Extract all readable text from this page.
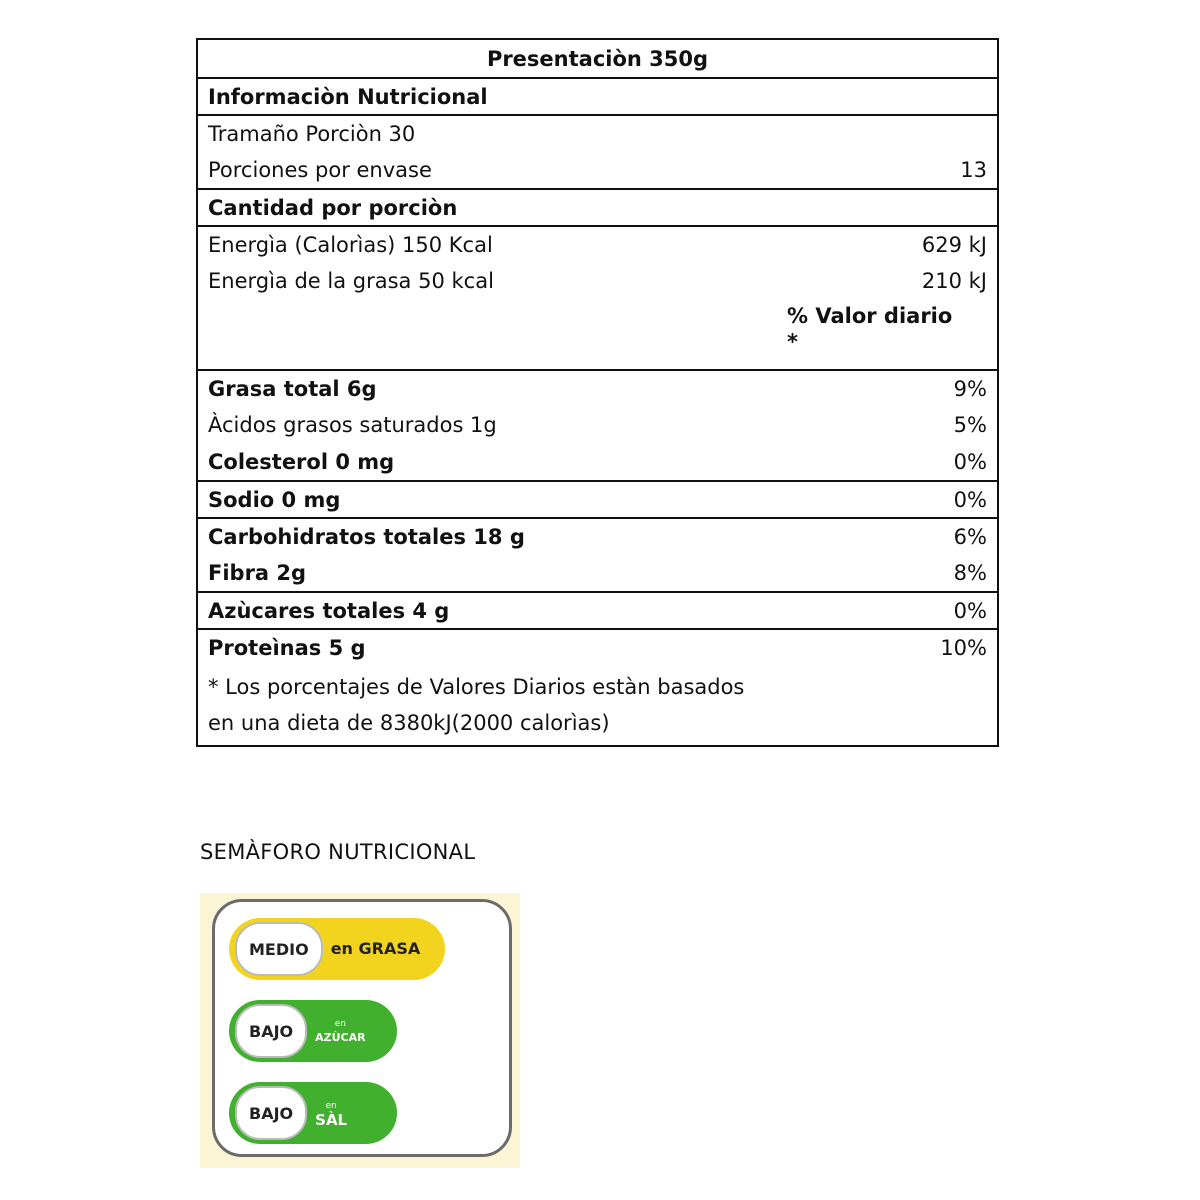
Presentaciòn 350g
Informaciòn Nutricional
Tramaño Porciòn 30
Porciones por envase	13
Cantidad por porciòn
Energìa (Calorìas) 150 Kcal	629 kJ
Energìa de la grasa 50 kcal	210 kJ
% Valor diario
*
Grasa total 6g	9%
Àcidos grasos saturados 1g	5%
Colesterol 0 mg	0%
Sodio 0 mg	0%
Carbohidratos totales 18 g	6%
Fibra 2g	8%
Azùcares totales 4 g	0%
Proteìnas 5 g	10%
* Los porcentajes de Valores Diarios estàn basados en una dieta de 8380kJ(2000 calorìas)
SEMÀFORO NUTRICIONAL
MEDIO	en GRASA
BAJO	en
AZÙCAR
BAJO	en
SÀL
